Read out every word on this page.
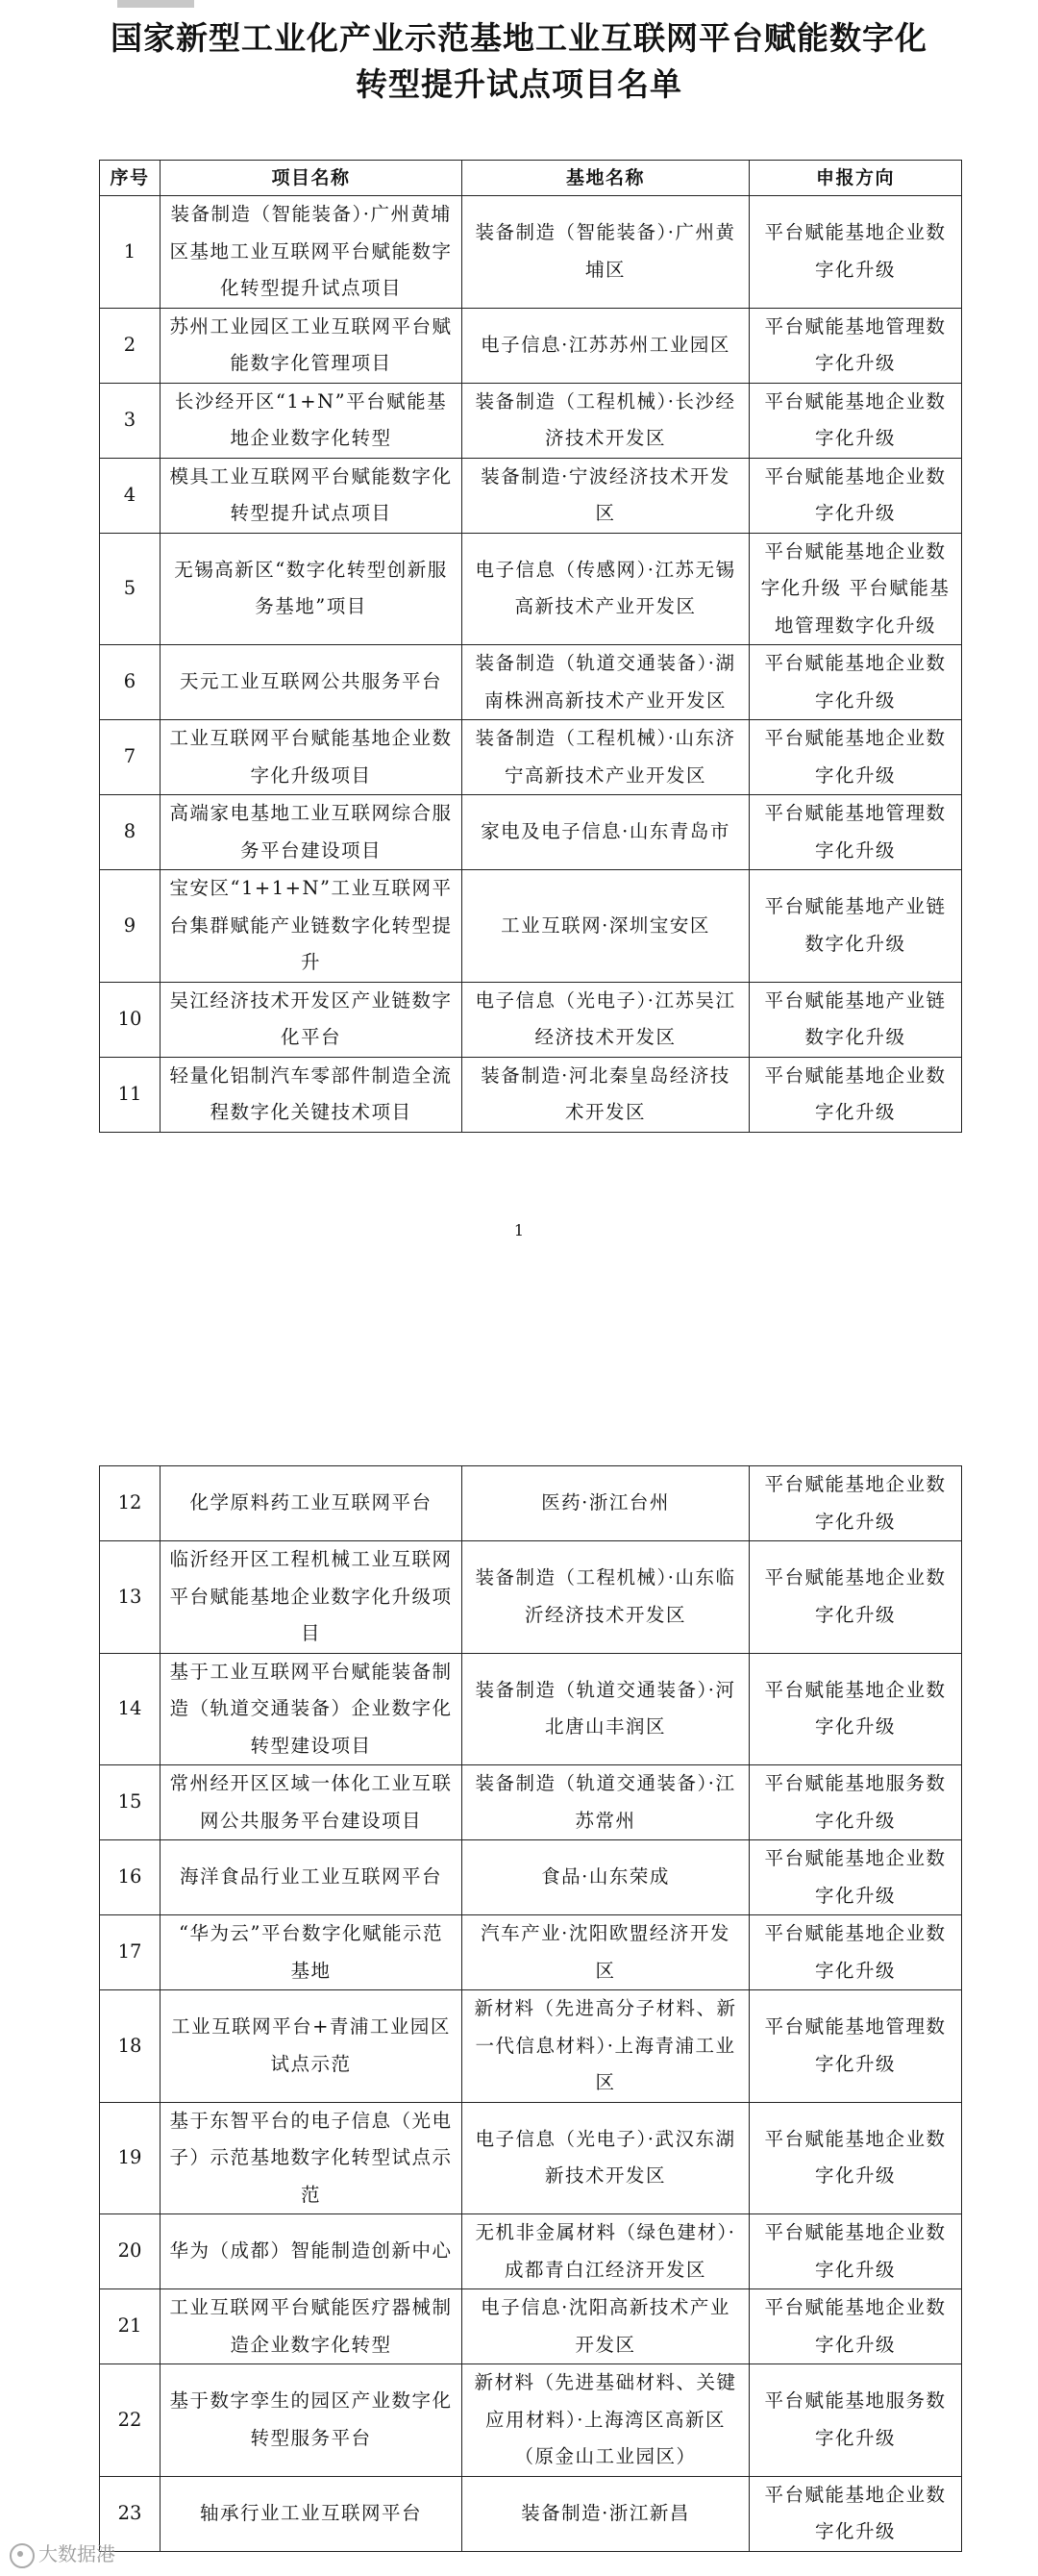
国家新型工业化产业示范基地工业互联网平台赋能数字化
转型提升试点项目名单
序号	项目名称	基地名称	申报方向
1	装备制造（智能装备）·广州黄埔区基地工业互联网平台赋能数字化转型提升试点项目	装备制造（智能装备）·广州黄埔区	平台赋能基地企业数字化升级
2	苏州工业园区工业互联网平台赋能数字化管理项目	电子信息·江苏苏州工业园区	平台赋能基地管理数字化升级
3	长沙经开区“1+N”平台赋能基地企业数字化转型	装备制造（工程机械）·长沙经济技术开发区	平台赋能基地企业数字化升级
4	模具工业互联网平台赋能数字化转型提升试点项目	装备制造·宁波经济技术开发区	平台赋能基地企业数字化升级
5	无锡高新区“数字化转型创新服务基地”项目	电子信息（传感网）·江苏无锡高新技术产业开发区	平台赋能基地企业数字化升级 平台赋能基地管理数字化升级
6	天元工业互联网公共服务平台	装备制造（轨道交通装备）·湖南株洲高新技术产业开发区	平台赋能基地企业数字化升级
7	工业互联网平台赋能基地企业数字化升级项目	装备制造（工程机械）·山东济宁高新技术产业开发区	平台赋能基地企业数字化升级
8	高端家电基地工业互联网综合服务平台建设项目	家电及电子信息·山东青岛市	平台赋能基地管理数字化升级
9	宝安区“1+1+N”工业互联网平台集群赋能产业链数字化转型提升	工业互联网·深圳宝安区	平台赋能基地产业链数字化升级
10	吴江经济技术开发区产业链数字化平台	电子信息（光电子）·江苏吴江经济技术开发区	平台赋能基地产业链数字化升级
11	轻量化铝制汽车零部件制造全流程数字化关键技术项目	装备制造·河北秦皇岛经济技术开发区	平台赋能基地企业数字化升级
1
12	化学原料药工业互联网平台	医药·浙江台州	平台赋能基地企业数字化升级
13	临沂经开区工程机械工业互联网平台赋能基地企业数字化升级项目	装备制造（工程机械）·山东临沂经济技术开发区	平台赋能基地企业数字化升级
14	基于工业互联网平台赋能装备制造（轨道交通装备）企业数字化转型建设项目	装备制造（轨道交通装备）·河北唐山丰润区	平台赋能基地企业数字化升级
15	常州经开区区域一体化工业互联网公共服务平台建设项目	装备制造（轨道交通装备）·江苏常州	平台赋能基地服务数字化升级
16	海洋食品行业工业互联网平台	食品·山东荣成	平台赋能基地企业数字化升级
17	“华为云”平台数字化赋能示范基地	汽车产业·沈阳欧盟经济开发区	平台赋能基地企业数字化升级
18	工业互联网平台+青浦工业园区试点示范	新材料（先进高分子材料、新一代信息材料）·上海青浦工业区	平台赋能基地管理数字化升级
19	基于东智平台的电子信息（光电子）示范基地数字化转型试点示范	电子信息（光电子）·武汉东湖新技术开发区	平台赋能基地企业数字化升级
20	华为（成都）智能制造创新中心	无机非金属材料（绿色建材）·成都青白江经济开发区	平台赋能基地企业数字化升级
21	工业互联网平台赋能医疗器械制造企业数字化转型	电子信息·沈阳高新技术产业开发区	平台赋能基地企业数字化升级
22	基于数字孪生的园区产业数字化转型服务平台	新材料（先进基础材料、关键应用材料）·上海湾区高新区（原金山工业园区）	平台赋能基地服务数字化升级
23	轴承行业工业互联网平台	装备制造·浙江新昌	平台赋能基地企业数字化升级
大数据港
